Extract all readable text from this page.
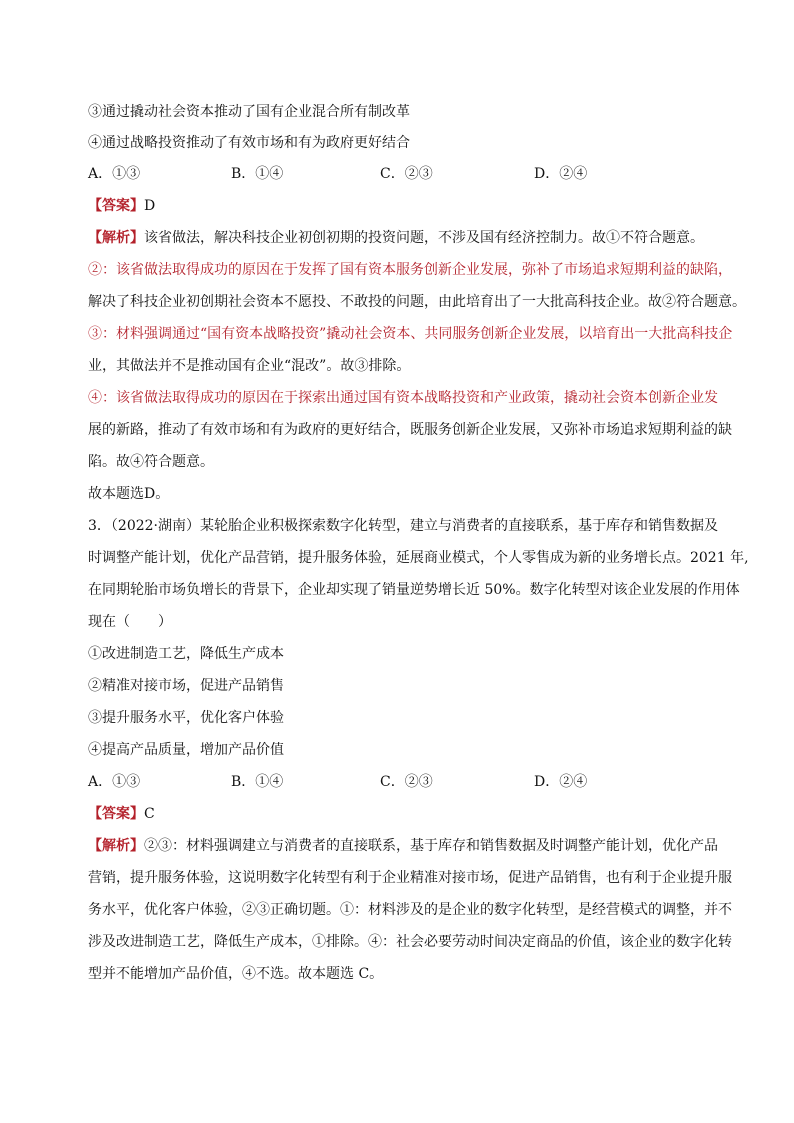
③通过撬动社会资本推动了国有企业混合所有制改革
④通过战略投资推动了有效市场和有为政府更好结合
A．①③	B．①④	C．②③	D．②④
【答案】D
【解析】该省做法，解决科技企业初创初期的投资问题，不涉及国有经济控制力。故①不符合题意。
②：该省做法取得成功的原因在于发挥了国有资本服务创新企业发展，弥补了市场追求短期利益的缺陷，
解决了科技企业初创期社会资本不愿投、不敢投的问题，由此培育出了一大批高科技企业。故②符合题意。
③：材料强调通过“国有资本战略投资”撬动社会资本、共同服务创新企业发展，以培育出一大批高科技企
业，其做法并不是推动国有企业“混改”。故③排除。
④：该省做法取得成功的原因在于探索出通过国有资本战略投资和产业政策，撬动社会资本创新企业发
展的新路，推动了有效市场和有为政府的更好结合，既服务创新企业发展，又弥补市场追求短期利益的缺
陷。故④符合题意。
故本题选D。
3．（2022·湖南）某轮胎企业积极探索数字化转型，建立与消费者的直接联系，基于库存和销售数据及
时调整产能计划，优化产品营销，提升服务体验，延展商业模式，个人零售成为新的业务增长点。2021 年,
在同期轮胎市场负增长的背景下，企业却实现了销量逆势增长近 50%。数字化转型对该企业发展的作用体
现在（　　）
①改进制造工艺，降低生产成本
②精准对接市场，促进产品销售
③提升服务水平，优化客户体验
④提高产品质量，增加产品价值
A．①③	B．①④	C．②③	D．②④
【答案】C
【解析】②③：材料强调建立与消费者的直接联系，基于库存和销售数据及时调整产能计划，优化产品
营销，提升服务体验，这说明数字化转型有利于企业精准对接市场，促进产品销售，也有利于企业提升服
务水平，优化客户体验，②③正确切题。①：材料涉及的是企业的数字化转型，是经营模式的调整，并不
涉及改进制造工艺，降低生产成本，①排除。④：社会必要劳动时间决定商品的价值，该企业的数字化转
型并不能增加产品价值，④不选。故本题选 C。
